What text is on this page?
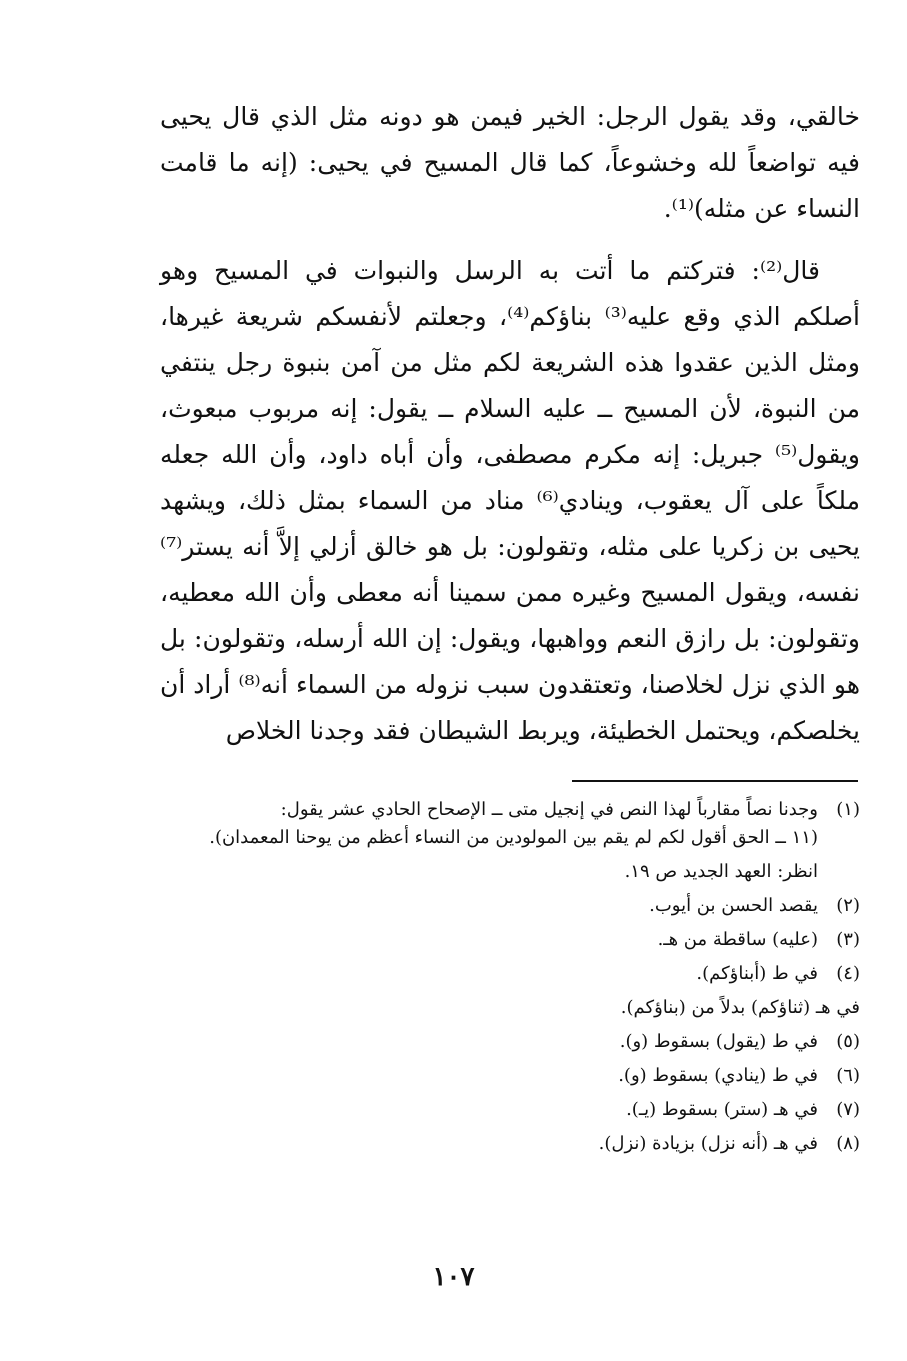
خالقي، وقد يقول الرجل: الخير فيمن هو دونه مثل الذي قال يحيى فيه تواضعاً لله وخشوعاً، كما قال المسيح في يحيى: (إنه ما قامت النساء عن مثله)⁽¹⁾.

قال⁽²⁾: فتركتم ما أتت به الرسل والنبوات في المسيح وهو أصلكم الذي وقع عليه⁽³⁾ بناؤكم⁽⁴⁾، وجعلتم لأنفسكم شريعة غيرها، ومثل الذين عقدوا هذه الشريعة لكم مثل من آمن بنبوة رجل ينتفي من النبوة، لأن المسيح ــ عليه السلام ــ يقول: إنه مربوب مبعوث، ويقول⁽⁵⁾ جبريل: إنه مكرم مصطفى، وأن أباه داود، وأن الله جعله ملكاً على آل يعقوب، وينادي⁽⁶⁾ مناد من السماء بمثل ذلك، ويشهد يحيى بن زكريا على مثله، وتقولون: بل هو خالق أزلي إلاَّ أنه يستر⁽⁷⁾ نفسه، ويقول المسيح وغيره ممن سمينا أنه معطى وأن الله معطيه، وتقولون: بل رازق النعم وواهبها، ويقول: إن الله أرسله، وتقولون: بل هو الذي نزل لخلاصنا، وتعتقدون سبب نزوله من السماء أنه⁽⁸⁾ أراد أن يخلصكم، ويحتمل الخطيئة، ويربط الشيطان فقد وجدنا الخلاص

(١)
وجدنا نصاً مقارباً لهذا النص في إنجيل متى ــ الإصحاح الحادي عشر يقول:
(١١ ــ الحق أقول لكم لم يقم بين المولودين من النساء أعظم من يوحنا المعمدان).
انظر: العهد الجديد ص ١٩.
(٢)
يقصد الحسن بن أيوب.
(٣)
(عليه) ساقطة من هـ.
(٤)
في ط (أبناؤكم).
في هـ (ثناؤكم) بدلاً من (بناؤكم).
(٥)
في ط (يقول) بسقوط (و).
(٦)
في ط (ينادي) بسقوط (و).
(٧)
في هـ (ستر) بسقوط (يـ).
(٨)
في هـ (أنه نزل) بزيادة (نزل).
١٠٧
